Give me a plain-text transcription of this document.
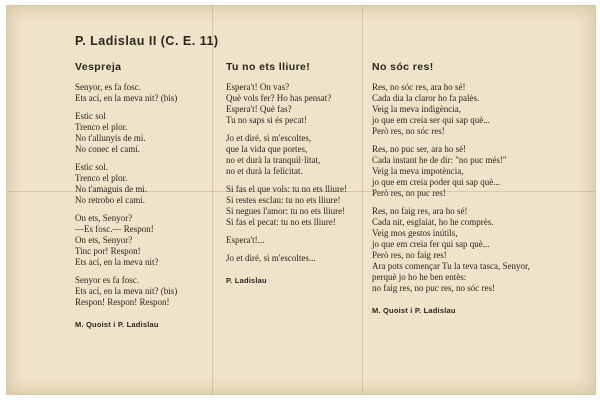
P. Ladislau II (C. E. 11)
Vespreja
Senyor, es fa fosc.
Ets ací, en la meva nit? (bis)
Estic sol
Trenco el plor.
No t'allunyis de mi.
No conec el camí.
Estic sol.
Trenco el plor.
No t'amaguis de mi.
No retrobo el camí.
On ets, Senyor?
—Es fosc.— Respon!
On ets, Senyor?
Tinc por! Respon!
Ets ací, en la meva nit?
Senyor es fa fosc.
Ets ací, en la meva nit? (bis)
Respon! Respon! Respon!
M. Quoist i P. Ladislau
Tu no ets lliure!
Espera't! On vas?
Què vols fer? Ho has pensat?
Espera't! Què fas?
Tu no saps si és pecat!
Jo et diré, si m'escoltes,
que la vida que portes,
no et durà la tranquil·litat,
no et durà la felicitat.
Si fas el que vols: tu no ets lliure!
Si restes esclau: tu no ets lliure!
Si negues l'amor: tu no ets lliure!
Si fas el pecat: tu no ets lliure!
Espera't!...
Jo et diré, si m'escoltes...
P. Ladislau
No sóc res!
Res, no sóc res, ara ho sé!
Cada dia la claror ho fa palès.
Veig la meva indigència,
jo que em creia ser qui sap què...
Però res, no sóc res!
Res, no puc ser, ara ho sé!
Cada instant he de dir: "no puc més!"
Veig la meva impotència,
jo que em creia poder qui sap què...
Però res, no puc res!
Res, no faig res, ara ho sé!
Cada nit, esglaiat, ho he comprès.
Veig mos gestos inútils,
jo que em creia fer qui sap què...
Però res, no faig res!
Ara pots començar Tu la teva tasca, Senyor,
perquè jo ho he ben entès:
no faig res, no puc res, no sóc res!
M. Quoist i P. Ladislau
